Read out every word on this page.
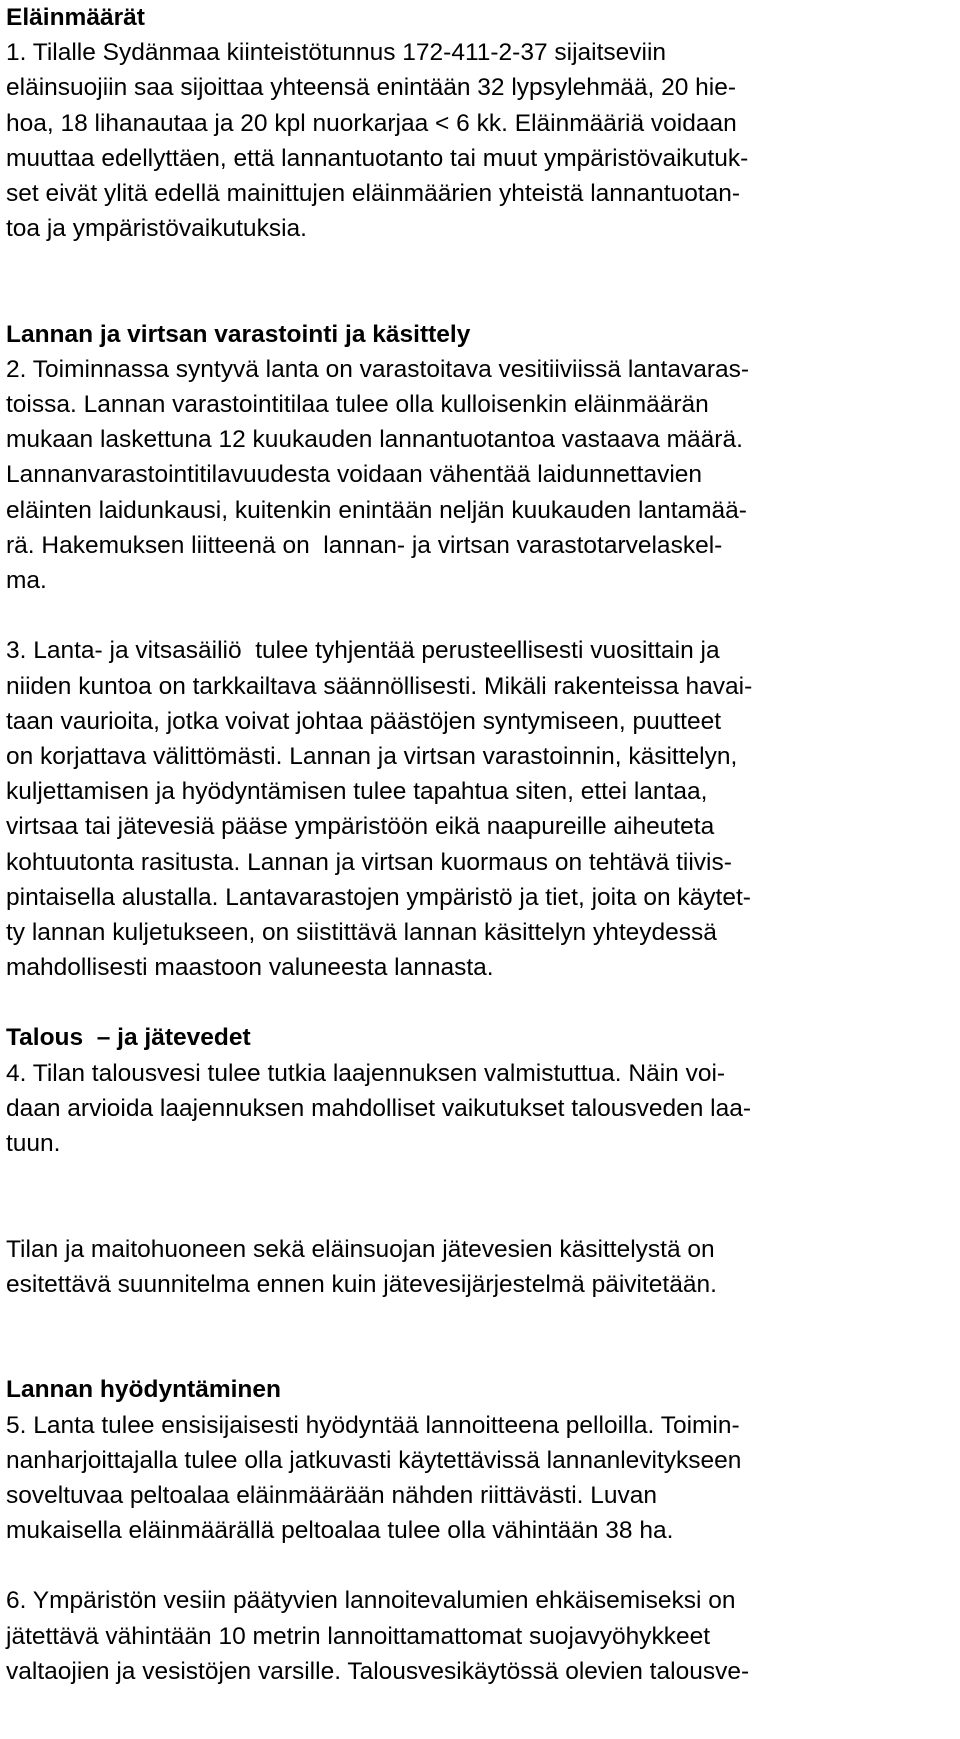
Eläinmäärät
1. Tilalle Sydänmaa kiinteistötunnus 172-411-2-37 sijaitseviin
eläinsuojiin saa sijoittaa yhteensä enintään 32 lypsylehmää, 20 hie-
hoa, 18 lihanautaa ja 20 kpl nuorkarjaa < 6 kk. Eläinmääriä voidaan
muuttaa edellyttäen, että lannantuotanto tai muut ympäristövaikutuk-
set eivät ylitä edellä mainittujen eläinmäärien yhteistä lannantuotan-
toa ja ympäristövaikutuksia.
Lannan ja virtsan varastointi ja käsittely
2. Toiminnassa syntyvä lanta on varastoitava vesitiiviissä lantavaras-
toissa. Lannan varastointitilaa tulee olla kulloisenkin eläinmäärän
mukaan laskettuna 12 kuukauden lannantuotantoa vastaava määrä.
Lannanvarastointitilavuudesta voidaan vähentää laidunnettavien
eläinten laidunkausi, kuitenkin enintään neljän kuukauden lantamää-
rä. Hakemuksen liitteenä on  lannan- ja virtsan varastotarvelaskel-
ma.
3. Lanta- ja vitsasäiliö  tulee tyhjentää perusteellisesti vuosittain ja
niiden kuntoa on tarkkailtava säännöllisesti. Mikäli rakenteissa havai-
taan vaurioita, jotka voivat johtaa päästöjen syntymiseen, puutteet
on korjattava välittömästi. Lannan ja virtsan varastoinnin, käsittelyn,
kuljettamisen ja hyödyntämisen tulee tapahtua siten, ettei lantaa,
virtsaa tai jätevesiä pääse ympäristöön eikä naapureille aiheuteta
kohtuutonta rasitusta. Lannan ja virtsan kuormaus on tehtävä tiivis-
pintaisella alustalla. Lantavarastojen ympäristö ja tiet, joita on käytet-
ty lannan kuljetukseen, on siistittävä lannan käsittelyn yhteydessä
mahdollisesti maastoon valuneesta lannasta.
Talous  – ja jätevedet
4. Tilan talousvesi tulee tutkia laajennuksen valmistuttua. Näin voi-
daan arvioida laajennuksen mahdolliset vaikutukset talousveden laa-
tuun.
Tilan ja maitohuoneen sekä eläinsuojan jätevesien käsittelystä on
esitettävä suunnitelma ennen kuin jätevesijärjestelmä päivitetään.
Lannan hyödyntäminen
5. Lanta tulee ensisijaisesti hyödyntää lannoitteena pelloilla. Toimin-
nanharjoittajalla tulee olla jatkuvasti käytettävissä lannanlevitykseen
soveltuvaa peltoalaa eläinmäärään nähden riittävästi. Luvan
mukaisella eläinmäärällä peltoalaa tulee olla vähintään 38 ha.
6. Ympäristön vesiin päätyvien lannoitevalumien ehkäisemiseksi on
jätettävä vähintään 10 metrin lannoittamattomat suojavyöhykkeet
valtaojien ja vesistöjen varsille. Talousvesikäytössä olevien talousve-
